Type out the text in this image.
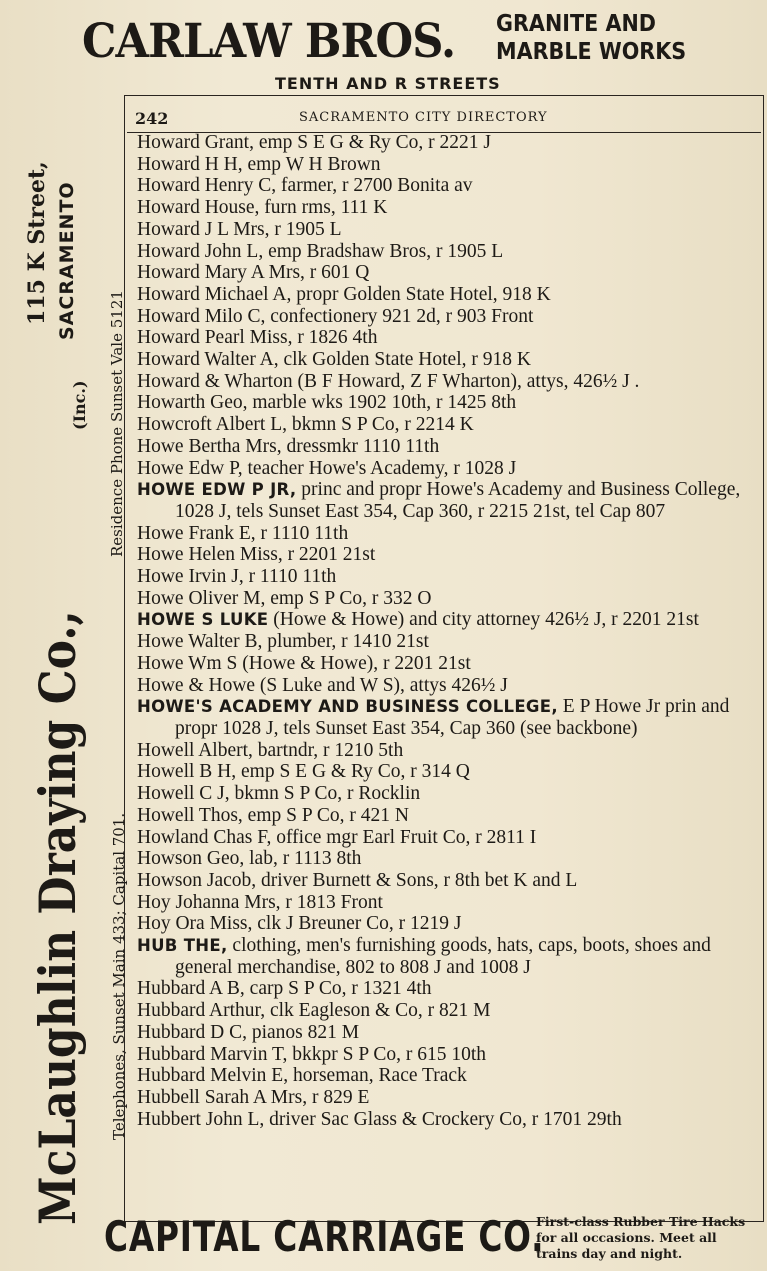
CARLAW BROS. GRANITE AND
MARBLE WORKS
TENTH AND R STREETS
McLaughlin Draying Co.,
(Inc.)
115 K Street, SACRAMENTO
Residence Phone Sunset Vale 5121
Telephones, Sunset Main 433; Capital 701.
242	SACRAMENTO CITY DIRECTORY
Howard Grant, emp S E G & Ry Co, r 2221 J
Howard H H, emp W H Brown
Howard Henry C, farmer, r 2700 Bonita av
Howard House, furn rms, 111 K
Howard J L Mrs, r 1905 L
Howard John L, emp Bradshaw Bros, r 1905 L
Howard Mary A Mrs, r 601 Q
Howard Michael A, propr Golden State Hotel, 918 K
Howard Milo C, confectionery 921 2d, r 903 Front
Howard Pearl Miss, r 1826 4th
Howard Walter A, clk Golden State Hotel, r 918 K
Howard & Wharton (B F Howard, Z F Wharton), attys, 426½ J .
Howarth Geo, marble wks 1902 10th, r 1425 8th
Howcroft Albert L, bkmn S P Co, r 2214 K
Howe Bertha Mrs, dressmkr 1110 11th
Howe Edw P, teacher Howe's Academy, r 1028 J
HOWE EDW P JR, princ and propr Howe's Academy and Business College, 1028 J, tels Sunset East 354, Cap 360, r 2215 21st, tel Cap 807
Howe Frank E, r 1110 11th
Howe Helen Miss, r 2201 21st
Howe Irvin J, r 1110 11th
Howe Oliver M, emp S P Co, r 332 O
HOWE S LUKE (Howe & Howe) and city attorney 426½ J, r 2201 21st
Howe Walter B, plumber, r 1410 21st
Howe Wm S (Howe & Howe), r 2201 21st
Howe & Howe (S Luke and W S), attys 426½ J
HOWE'S ACADEMY AND BUSINESS COLLEGE, E P Howe Jr prin and propr 1028 J, tels Sunset East 354, Cap 360 (see backbone)
Howell Albert, bartndr, r 1210 5th
Howell B H, emp S E G & Ry Co, r 314 Q
Howell C J, bkmn S P Co, r Rocklin
Howell Thos, emp S P Co, r 421 N
Howland Chas F, office mgr Earl Fruit Co, r 2811 I
Howson Geo, lab, r 1113 8th
Howson Jacob, driver Burnett & Sons, r 8th bet K and L
Hoy Johanna Mrs, r 1813 Front
Hoy Ora Miss, clk J Breuner Co, r 1219 J
HUB THE, clothing, men's furnishing goods, hats, caps, boots, shoes and general merchandise, 802 to 808 J and 1008 J
Hubbard A B, carp S P Co, r 1321 4th
Hubbard Arthur, clk Eagleson & Co, r 821 M
Hubbard D C, pianos 821 M
Hubbard Marvin T, bkkpr S P Co, r 615 10th
Hubbard Melvin E, horseman, Race Track
Hubbell Sarah A Mrs, r 829 E
Hubbert John L, driver Sac Glass & Crockery Co, r 1701 29th
CAPITAL CARRIAGE CO.
First-class Rubber Tire Hacks
for all occasions. Meet all
trains day and night.
